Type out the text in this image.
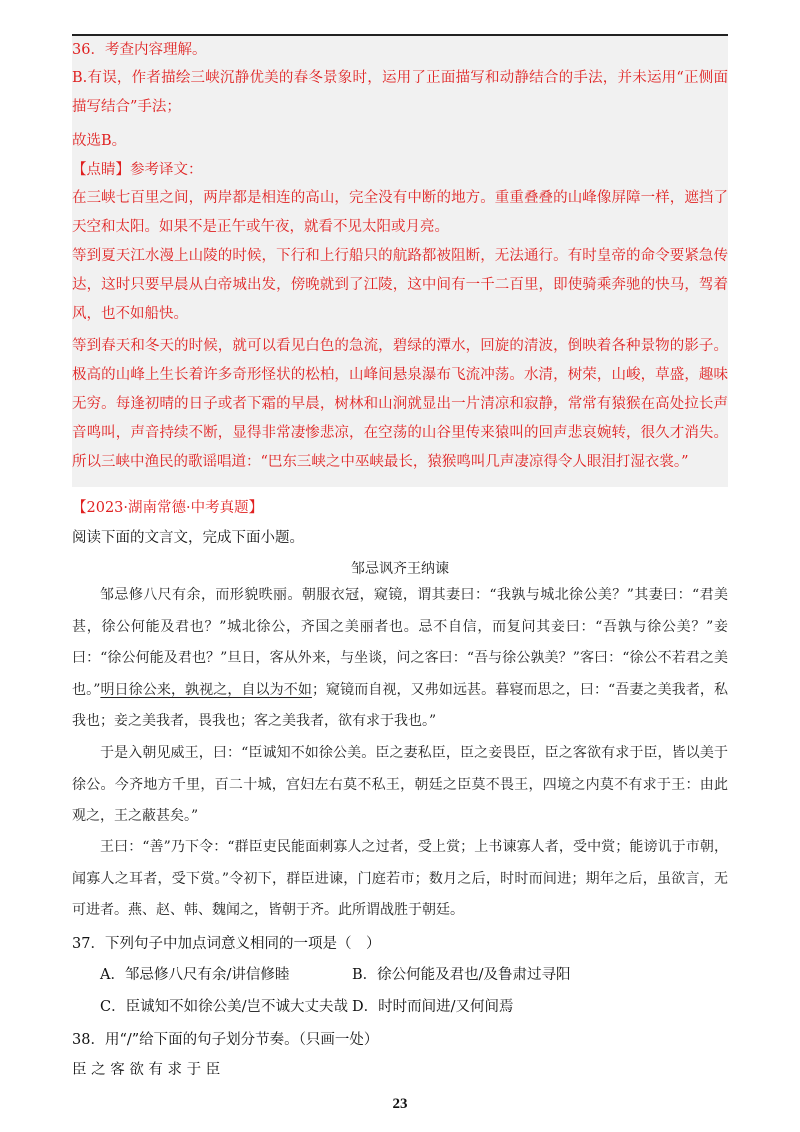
36．考查内容理解。
B.有误，作者描绘三峡沉静优美的春冬景象时，运用了正面描写和动静结合的手法，并未运用“正侧面描写结合”手法；
故选B。
【点睛】参考译文：
在三峡七百里之间，两岸都是相连的高山，完全没有中断的地方。重重叠叠的山峰像屏障一样，遮挡了天空和太阳。如果不是正午或午夜，就看不见太阳或月亮。
等到夏天江水漫上山陵的时候，下行和上行船只的航路都被阻断，无法通行。有时皇帝的命令要紧急传达，这时只要早晨从白帝城出发，傍晚就到了江陵，这中间有一千二百里，即使骑乘奔驰的快马，驾着风，也不如船快。
等到春天和冬天的时候，就可以看见白色的急流，碧绿的潭水，回旋的清波，倒映着各种景物的影子。极高的山峰上生长着许多奇形怪状的松柏，山峰间悬泉瀑布飞流冲荡。水清，树荣，山峻，草盛，趣味无穷。每逢初晴的日子或者下霜的早晨，树林和山涧就显出一片清凉和寂静，常常有猿猴在高处拉长声音鸣叫，声音持续不断，显得非常凄惨悲凉，在空荡的山谷里传来猿叫的回声悲哀婉转，很久才消失。所以三峡中渔民的歌谣唱道：“巴东三峡之中巫峡最长，猿猴鸣叫几声凄凉得令人眼泪打湿衣裳。”
【2023·湖南常德·中考真题】
阅读下面的文言文，完成下面小题。
邹忌讽齐王纳谏
邹忌修八尺有余，而形貌昳丽。朝服衣冠，窥镜，谓其妻曰：“我孰与城北徐公美？”其妻曰：“君美甚，徐公何能及君也？”城北徐公，齐国之美丽者也。忌不自信，而复问其妾曰：“吾孰与徐公美？”妾曰：“徐公何能及君也？”旦日，客从外来，与坐谈，问之客曰：“吾与徐公孰美？”客曰：“徐公不若君之美也。”明日徐公来，孰视之，自以为不如；窥镜而自视，又弗如远甚。暮寝而思之，曰：“吾妻之美我者，私我也；妾之美我者，畏我也；客之美我者，欲有求于我也。”
于是入朝见威王，曰：“臣诚知不如徐公美。臣之妻私臣，臣之妾畏臣，臣之客欲有求于臣，皆以美于徐公。今齐地方千里，百二十城，宫妇左右莫不私王，朝廷之臣莫不畏王，四境之内莫不有求于王：由此观之，王之蔽甚矣。”
王曰：“善”乃下令：“群臣吏民能面刺寡人之过者，受上赏；上书谏寡人者，受中赏；能谤讥于市朝，闻寡人之耳者，受下赏。”令初下，群臣进谏，门庭若市；数月之后，时时而间进；期年之后，虽欲言，无可进者。燕、赵、韩、魏闻之，皆朝于齐。此所谓战胜于朝廷。
37．下列句子中加点词意义相同的一项是（　）
A．邹忌修八尺有余/讲信修睦	B．徐公何能及君也/及鲁肃过寻阳
C．臣诚知不如徐公美/岂不诚大丈夫哉 D．时时而间进/又何间焉
38．用“/”给下面的句子划分节奏。（只画一处）
臣 之 客 欲 有 求 于 臣
23
